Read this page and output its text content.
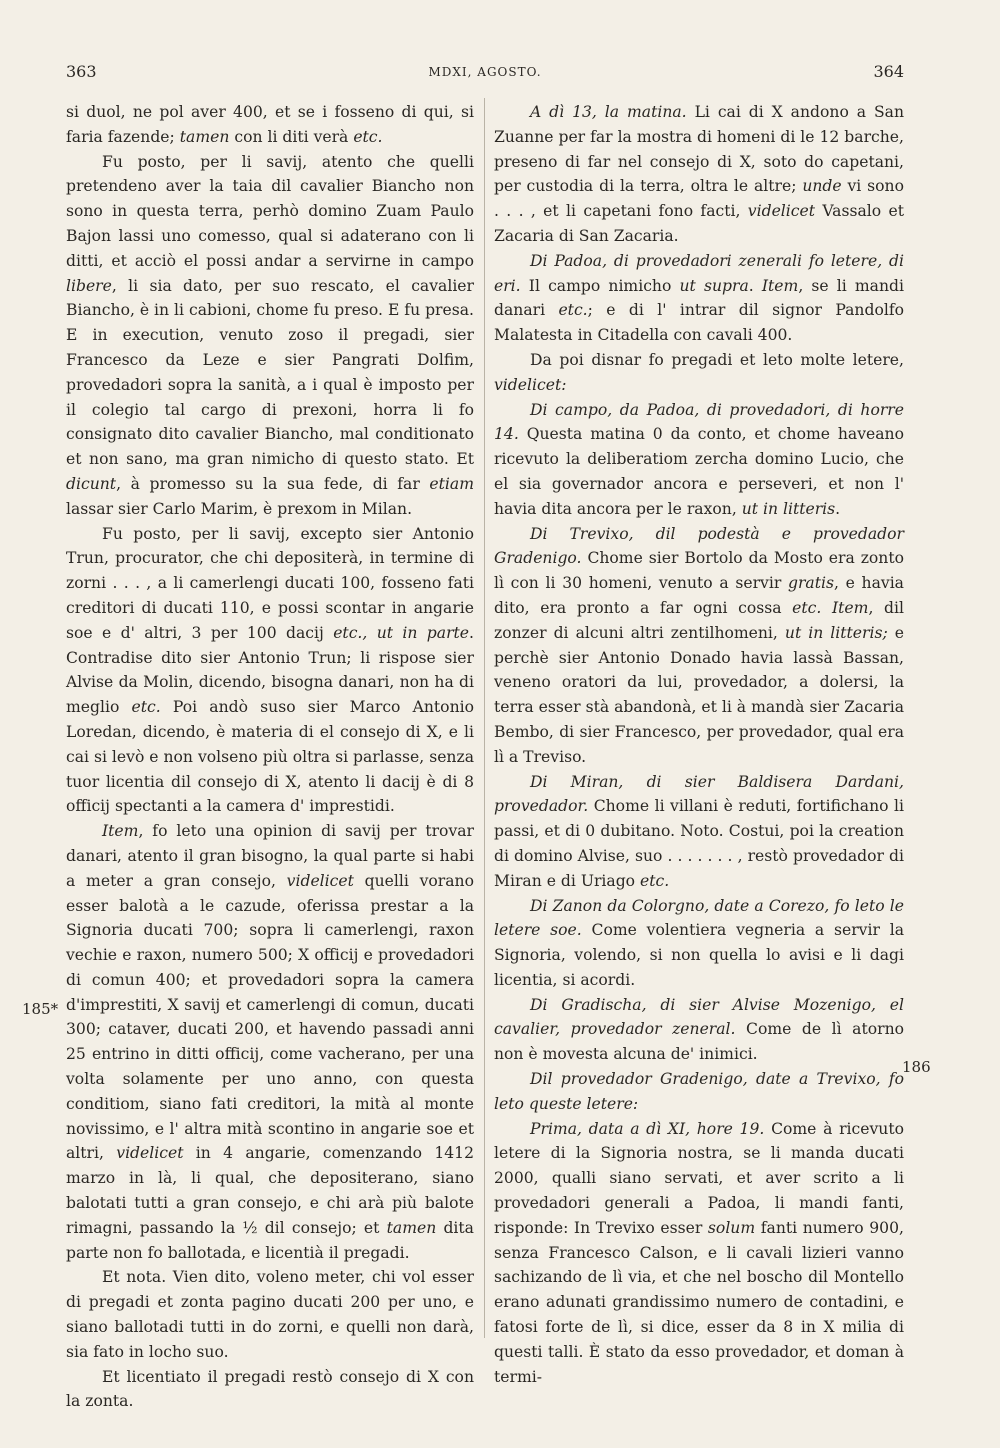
363	MDXI, AGOSTO.	364
185*
186

si duol, ne pol aver 400, et se i fosseno di qui, si faria fazende; tamen con li diti verà etc.

Fu posto, per li savij, atento che quelli pretendeno aver la taia dil cavalier Biancho non sono in questa terra, perhò domino Zuam Paulo Bajon lassi uno comesso, qual si adaterano con li ditti, et acciò el possi andar a servirne in campo libere, li sia dato, per suo rescato, el cavalier Biancho, è in li cabioni, chome fu preso. E fu presa. E in execution, venuto zoso il pregadi, sier Francesco da Leze e sier Pangrati Dolfim, provedadori sopra la sanità, a i qual è imposto per il colegio tal cargo di prexoni, horra li fo consignato dito cavalier Biancho, mal conditionato et non sano, ma gran nimicho di questo stato. Et dicunt, à promesso su la sua fede, di far etiam lassar sier Carlo Marim, è prexom in Milan.

Fu posto, per li savij, excepto sier Antonio Trun, procurator, che chi depositerà, in termine di zorni . . . , a li camerlengi ducati 100, fosseno fati creditori di ducati 110, e possi scontar in angarie soe e d' altri, 3 per 100 dacij etc., ut in parte. Contradise dito sier Antonio Trun; li rispose sier Alvise da Molin, dicendo, bisogna danari, non ha di meglio etc. Poi andò suso sier Marco Antonio Loredan, dicendo, è materia di el consejo di X, e li cai si levò e non volseno più oltra si parlasse, senza tuor licentia dil consejo di X, atento li dacij è di 8 officij spectanti a la camera d' imprestidi.

Item, fo leto una opinion di savij per trovar danari, atento il gran bisogno, la qual parte si habi a meter a gran consejo, videlicet quelli vorano esser balotà a le cazude, oferissa prestar a la Signoria ducati 700; sopra li camerlengi, raxon vechie e raxon, numero 500; X officij e provedadori di comun 400; et provedadori sopra la camera d'imprestiti, X savij et camerlengi di comun, ducati 300; cataver, ducati 200, et havendo passadi anni 25 entrino in ditti officij, come vacherano, per una volta solamente per uno anno, con questa conditiom, siano fati creditori, la mità al monte novissimo, e l' altra mità scontino in angarie soe et altri, videlicet in 4 angarie, comenzando 1412 marzo in là, li qual, che depositerano, siano balotati tutti a gran consejo, e chi arà più balote rimagni, passando la ½ dil consejo; et tamen dita parte non fo ballotada, e licentià il pregadi.

Et nota. Vien dito, voleno meter, chi vol esser di pregadi et zonta pagino ducati 200 per uno, e siano ballotadi tutti in do zorni, e quelli non darà, sia fato in locho suo.

Et licentiato il pregadi restò consejo di X con la zonta.

A dì 13, la matina. Li cai di X andono a San Zuanne per far la mostra di homeni di le 12 barche, preseno di far nel consejo di X, soto do capetani, per custodia di la terra, oltra le altre; unde vi sono . . . , et li capetani fono facti, videlicet Vassalo et Zacaria di San Zacaria.

Di Padoa, di provedadori zenerali fo letere, di eri. Il campo nimicho ut supra. Item, se li mandi danari etc.; e di l' intrar dil signor Pandolfo Malatesta in Citadella con cavali 400.

Da poi disnar fo pregadi et leto molte letere, videlicet:

Di campo, da Padoa, di provedadori, di horre 14. Questa matina 0 da conto, et chome haveano ricevuto la deliberatiom zercha domino Lucio, che el sia governador ancora e perseveri, et non l' havia dita ancora per le raxon, ut in litteris.

Di Trevixo, dil podestà e provedador Gradenigo. Chome sier Bortolo da Mosto era zonto lì con li 30 homeni, venuto a servir gratis, e havia dito, era pronto a far ogni cossa etc. Item, dil zonzer di alcuni altri zentilhomeni, ut in litteris; e perchè sier Antonio Donado havia lassà Bassan, veneno oratori da lui, provedador, a dolersi, la terra esser stà abandonà, et li à mandà sier Zacaria Bembo, di sier Francesco, per provedador, qual era lì a Treviso.

Di Miran, di sier Baldisera Dardani, provedador. Chome li villani è reduti, fortifichano li passi, et di 0 dubitano. Noto. Costui, poi la creation di domino Alvise, suo . . . . . . . , restò provedador di Miran e di Uriago etc.

Di Zanon da Colorgno, date a Corezo, fo leto le letere soe. Come volentiera vegneria a servir la Signoria, volendo, si non quella lo avisi e li dagi licentia, si acordi.

Di Gradischa, di sier Alvise Mozenigo, el cavalier, provedador zeneral. Come de lì atorno non è movesta alcuna de' inimici.

Dil provedador Gradenigo, date a Trevixo, fo leto queste letere:

Prima, data a dì XI, hore 19. Come à ricevuto letere di la Signoria nostra, se li manda ducati 2000, qualli siano servati, et aver scrito a li provedadori generali a Padoa, li mandi fanti, risponde: In Trevixo esser solum fanti numero 900, senza Francesco Calson, e li cavali lizieri vanno sachizando de lì via, et che nel boscho dil Montello erano adunati grandissimo numero de contadini, e fatosi forte de lì, si dice, esser da 8 in X milia di questi talli. È stato da esso provedador, et doman à termi-
